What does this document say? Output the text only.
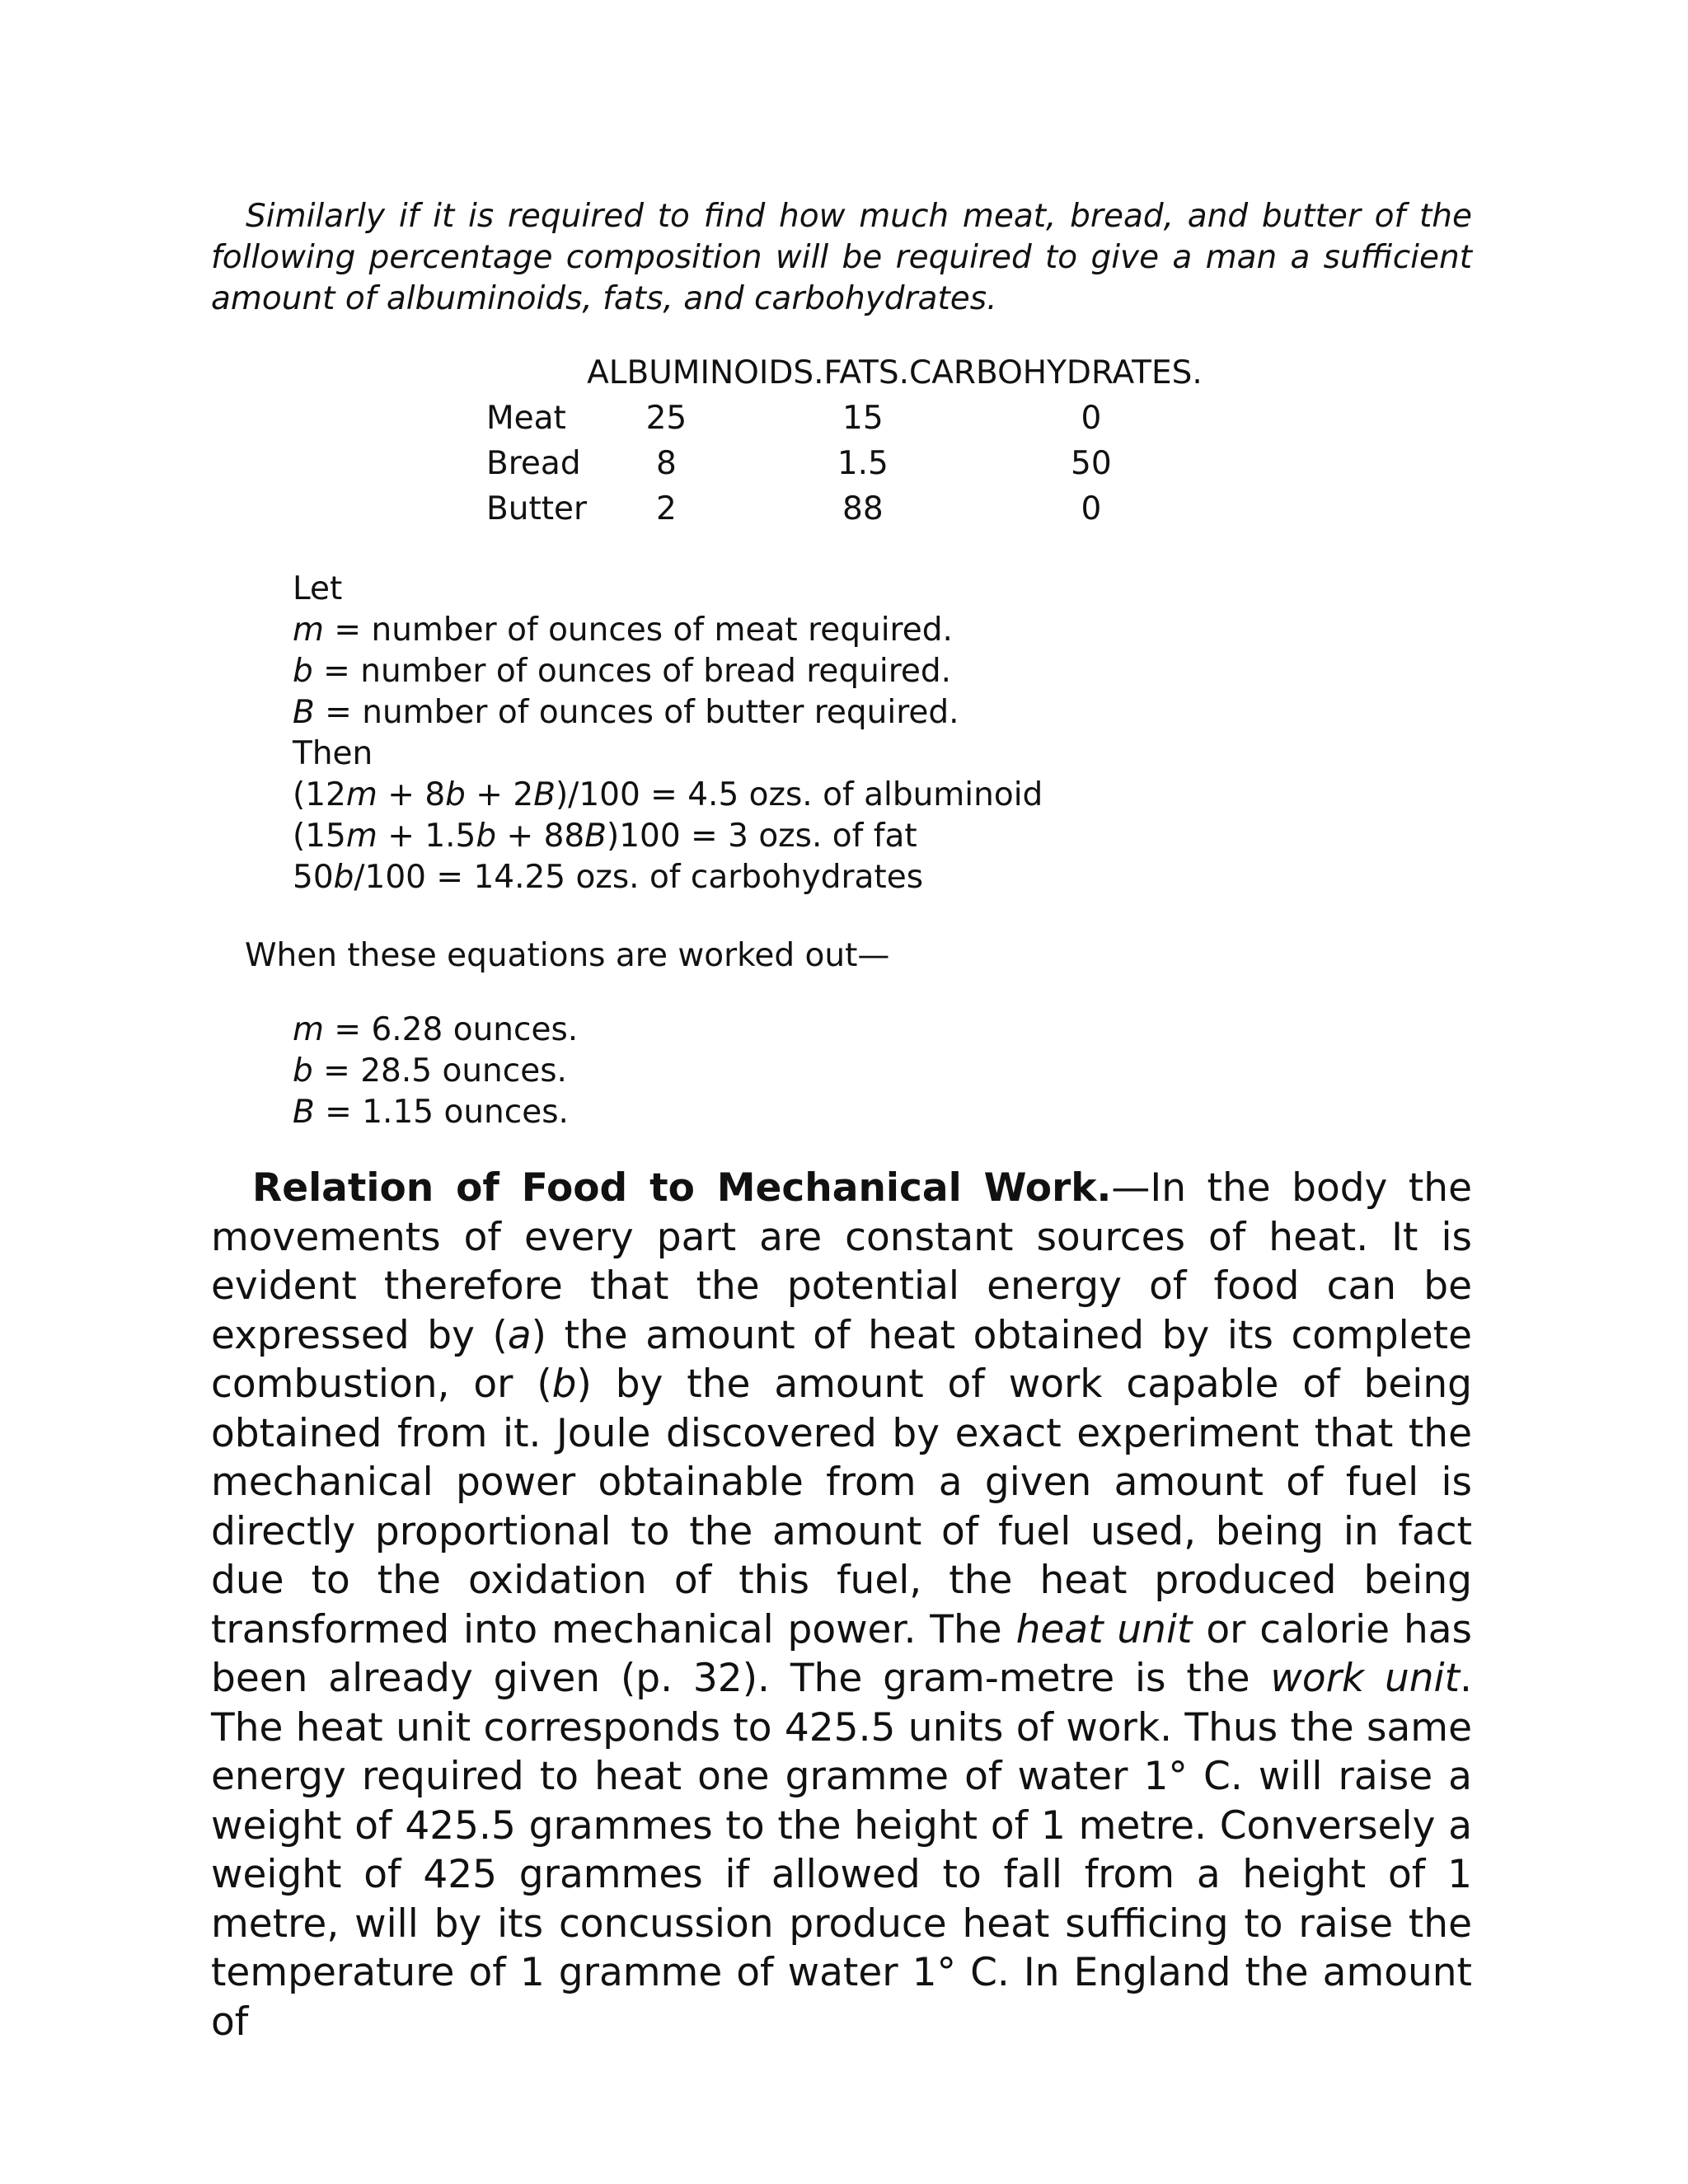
Similarly if it is required to find how much meat, bread, and butter of the following percentage composition will be required to give a man a sufficient amount of albuminoids, fats, and carbohydrates.

	ALBUMINOIDS.FATS.CARBOHYDRATES.		
Meat	25	15	0
Bread	8	1.5	50
Butter	2	88	0
Let
m = number of ounces of meat required.
b = number of ounces of bread required.
B = number of ounces of butter required.
Then
(12m + 8b + 2B)/100 = 4.5 ozs. of albuminoid
(15m + 1.5b + 88B)100 = 3 ozs. of fat
50b/100 = 14.25 ozs. of carbohydrates

When these equations are worked out—

m = 6.28 ounces.
b = 28.5 ounces.
B = 1.15 ounces.

Relation of Food to Mechanical Work.—In the body the movements of every part are constant sources of heat. It is evident therefore that the potential energy of food can be expressed by (a) the amount of heat obtained by its complete combustion, or (b) by the amount of work capable of being obtained from it. Joule discovered by exact experiment that the mechanical power obtainable from a given amount of fuel is directly proportional to the amount of fuel used, being in fact due to the oxidation of this fuel, the heat produced being transformed into mechanical power. The heat unit or calorie has been already given (p. 32). The gram-metre is the work unit. The heat unit corresponds to 425.5 units of work. Thus the same energy required to heat one gramme of water 1° C. will raise a weight of 425.5 grammes to the height of 1 metre. Conversely a weight of 425 grammes if allowed to fall from a height of 1 metre, will by its concussion produce heat sufficing to raise the temperature of 1 gramme of water 1° C. In England the amount of
